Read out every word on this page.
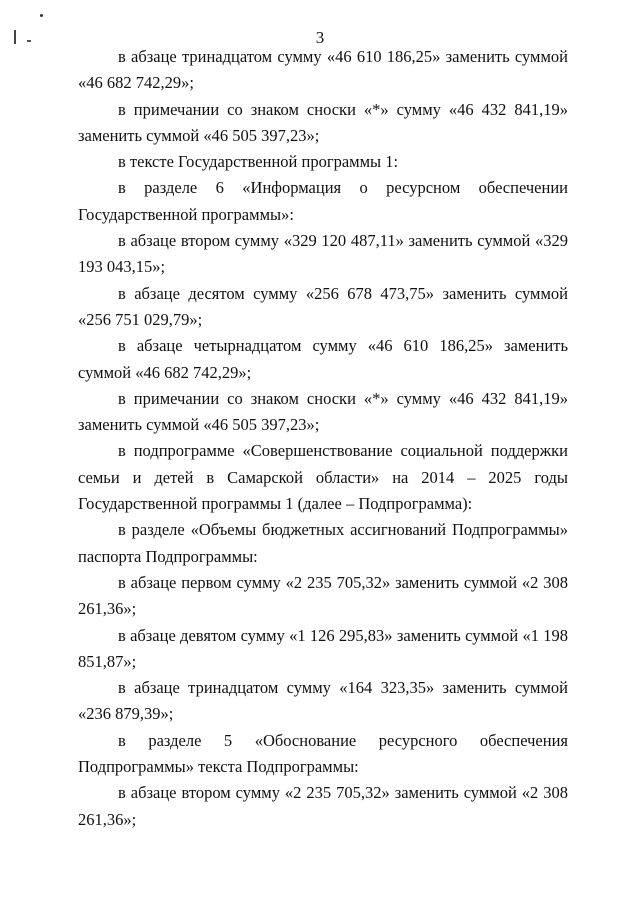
3

в абзаце тринадцатом сумму «46 610 186,25» заменить суммой «46 682 742,29»;

в примечании со знаком сноски «*» сумму «46 432 841,19» заменить суммой «46 505 397,23»;

в тексте Государственной программы 1:

в разделе 6 «Информация о ресурсном обеспечении Государственной программы»:

в абзаце втором сумму «329 120 487,11» заменить суммой «329 193 043,15»;

в абзаце десятом сумму «256 678 473,75» заменить суммой «256 751 029,79»;

в абзаце четырнадцатом сумму «46 610 186,25» заменить суммой «46 682 742,29»;

в примечании со знаком сноски «*» сумму «46 432 841,19» заменить суммой «46 505 397,23»;

в подпрограмме «Совершенствование социальной поддержки семьи и детей в Самарской области» на 2014 – 2025 годы Государственной программы 1 (далее – Подпрограмма):

в разделе «Объемы бюджетных ассигнований Подпрограммы» паспорта Подпрограммы:

в абзаце первом сумму «2 235 705,32» заменить суммой «2 308 261,36»;

в абзаце девятом сумму «1 126 295,83» заменить суммой «1 198 851,87»;

в абзаце тринадцатом сумму «164 323,35» заменить суммой «236 879,39»;

в разделе 5 «Обоснование ресурсного обеспечения Подпрограммы» текста Подпрограммы:

в абзаце втором сумму «2 235 705,32» заменить суммой «2 308 261,36»;
